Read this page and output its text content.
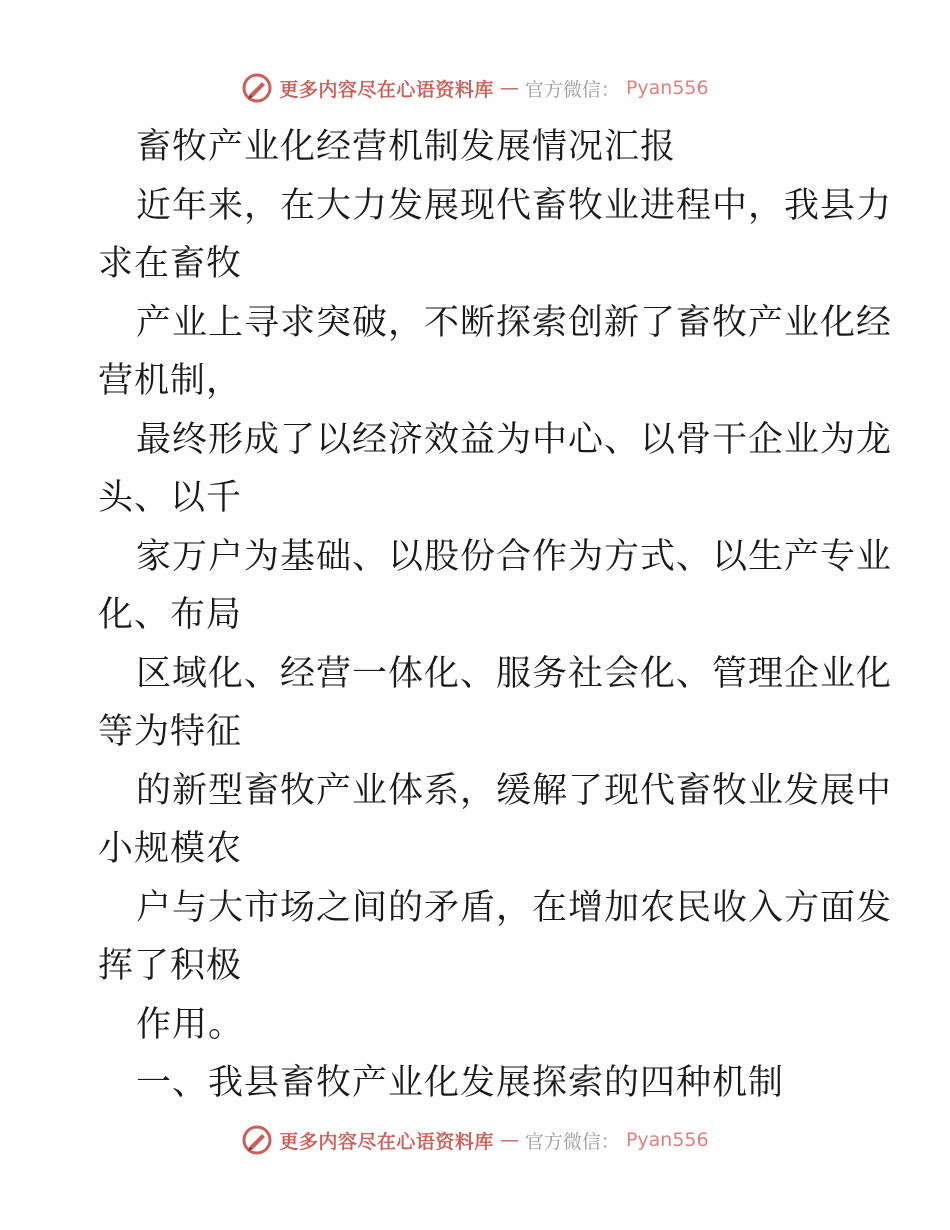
更多内容尽在心语资料库 — 官方微信： Pyan556
畜牧产业化经营机制发展情况汇报
近年来，在大力发展现代畜牧业进程中，我县力
求在畜牧
产业上寻求突破，不断探索创新了畜牧产业化经
营机制，
最终形成了以经济效益为中心、以骨干企业为龙
头、以千
家万户为基础、以股份合作为方式、以生产专业
化、布局
区域化、经营一体化、服务社会化、管理企业化
等为特征
的新型畜牧产业体系，缓解了现代畜牧业发展中
小规模农
户与大市场之间的矛盾，在增加农民收入方面发
挥了积极
作用。
一、我县畜牧产业化发展探索的四种机制
更多内容尽在心语资料库 — 官方微信： Pyan556
